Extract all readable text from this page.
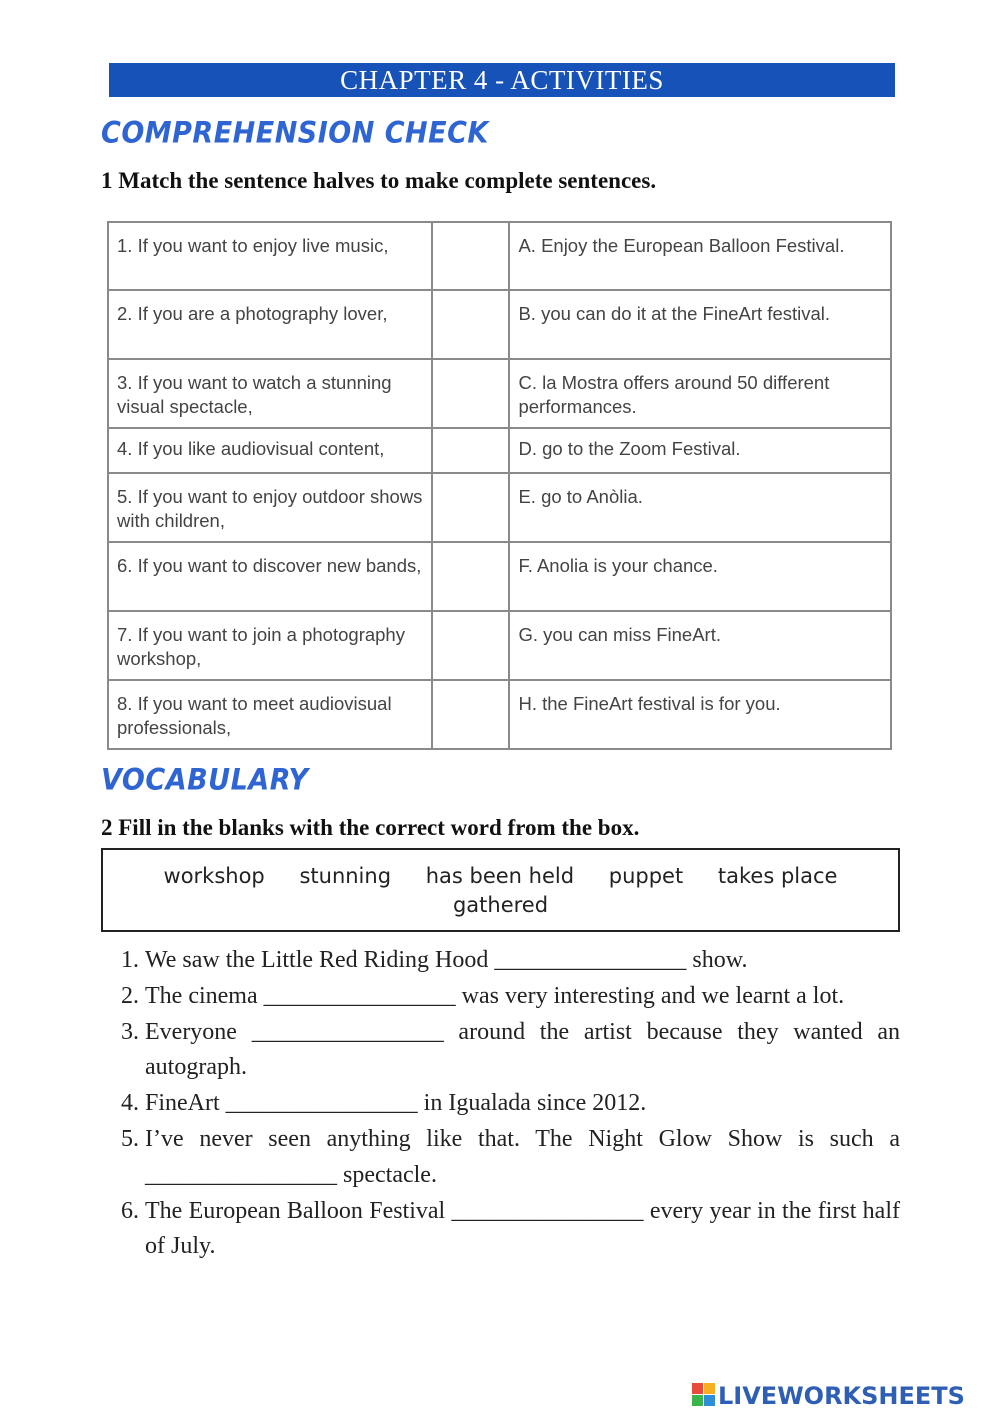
CHAPTER 4 - ACTIVITIES
COMPREHENSION CHECK
1 Match the sentence halves to make complete sentences.
1. If you want to enjoy live music,		A. Enjoy the European Balloon Festival.
2. If you are a photography lover,		B. you can do it at the FineArt festival.
3. If you want to watch a stunning visual spectacle,		C. la Mostra offers around 50 different performances.
4. If you like audiovisual content,		D. go to the Zoom Festival.
5. If you want to enjoy outdoor shows with children,		E. go to Anòlia.
6. If you want to discover new bands,		F. Anolia is your chance.
7. If you want to join a photography workshop,		G. you can miss FineArt.
8. If you want to meet audiovisual professionals,		H. the FineArt festival is for you.
VOCABULARY
2 Fill in the blanks with the correct word from the box.
workshop stunning has been held puppet takes place gathered
1. We saw the Little Red Riding Hood ________________ show.
2. The cinema ________________ was very interesting and we learnt a lot.
3. Everyone ________________ around the artist because they wanted an autograph.
4. FineArt ________________ in Igualada since 2012.
5. I’ve never seen anything like that. The Night Glow Show is such a ________________ spectacle.
6. The European Balloon Festival ________________ every year in the first half of July.
LIVEWORKSHEETS
